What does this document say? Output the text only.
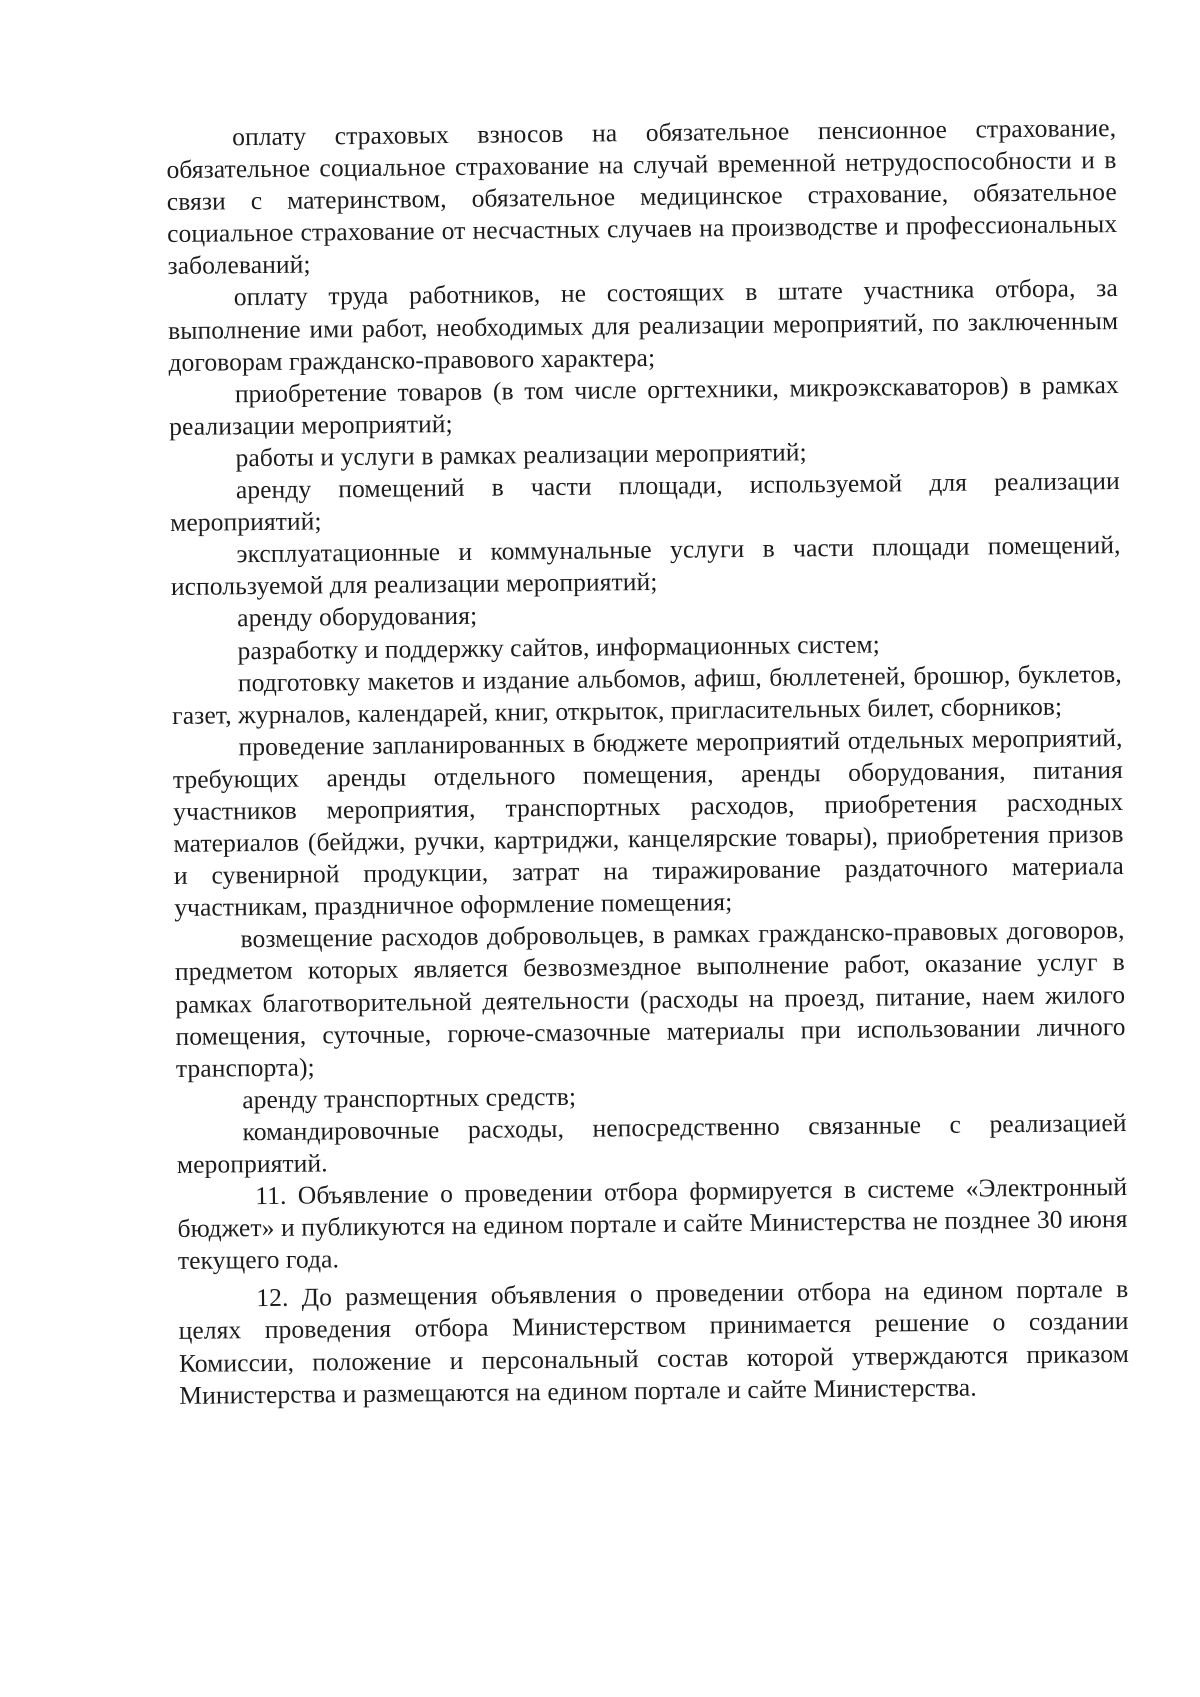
оплату страховых взносов на обязательное пенсионное страхование, обязательное социальное страхование на случай временной нетрудоспособности и в связи с материнством, обязательное медицинское страхование, обязательное социальное страхование от несчастных случаев на производстве и профессиональных заболеваний;

оплату труда работников, не состоящих в штате участника отбора, за выполнение ими работ, необходимых для реализации мероприятий, по заключенным договорам гражданско-правового характера;

приобретение товаров (в том числе оргтехники, микроэкскаваторов) в рамках реализации мероприятий;

работы и услуги в рамках реализации мероприятий;

аренду помещений в части площади, используемой для реализации мероприятий;

эксплуатационные и коммунальные услуги в части площади помещений, используемой для реализации мероприятий;

аренду оборудования;

разработку и поддержку сайтов, информационных систем;

подготовку макетов и издание альбомов, афиш, бюллетеней, брошюр, буклетов, газет, журналов, календарей, книг, открыток, пригласительных билет, сборников;

проведение запланированных в бюджете мероприятий отдельных мероприятий, требующих аренды отдельного помещения, аренды оборудования, питания участников мероприятия, транспортных расходов, приобретения расходных материалов (бейджи, ручки, картриджи, канцелярские товары), приобретения призов и сувенирной продукции, затрат на тиражирование раздаточного материала участникам, праздничное оформление помещения;

возмещение расходов добровольцев, в рамках гражданско-правовых договоров, предметом которых является безвозмездное выполнение работ, оказание услуг в рамках благотворительной деятельности (расходы на проезд, питание, наем жилого помещения, суточные, горюче-смазочные материалы при использовании личного транспорта);

аренду транспортных средств;

командировочные расходы, непосредственно связанные с реализацией мероприятий.

11. Объявление о проведении отбора формируется в системе «Электронный бюджет» и публикуются на едином портале и сайте Министерства не позднее 30 июня текущего года.

12. До размещения объявления о проведении отбора на едином портале в целях проведения отбора Министерством принимается решение о создании Комиссии, положение и персональный состав которой утверждаются приказом Министерства и размещаются на едином портале и сайте Министерства.
